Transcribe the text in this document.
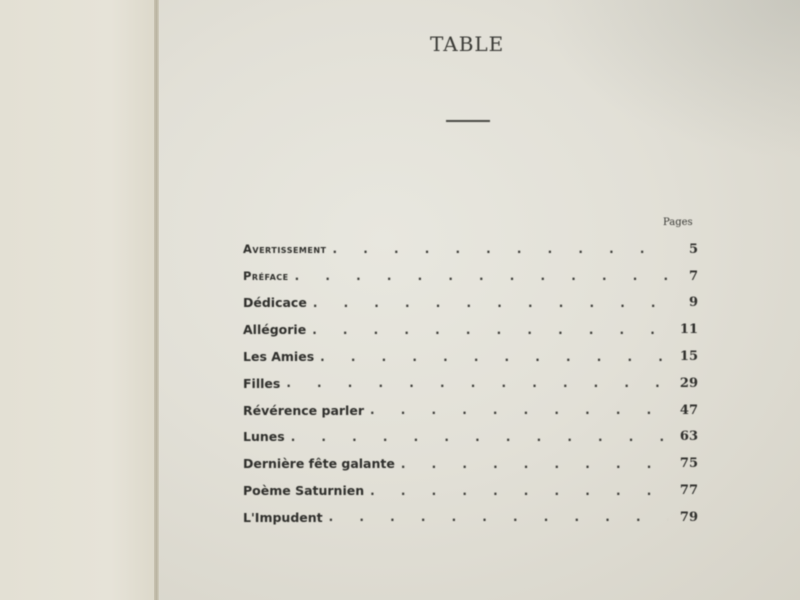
TABLE
Pages
Avertissement . . .	5
Préface . . .	7
Dédicace . . .	9
Allégorie . . .	11
Les Amies . . .	15
Filles . . .	29
Révérence parler . . .	47
Lunes . . .	63
Dernière fête galante . . .	75
Poème Saturnien . . .	77
L'Impudent . . .	79
